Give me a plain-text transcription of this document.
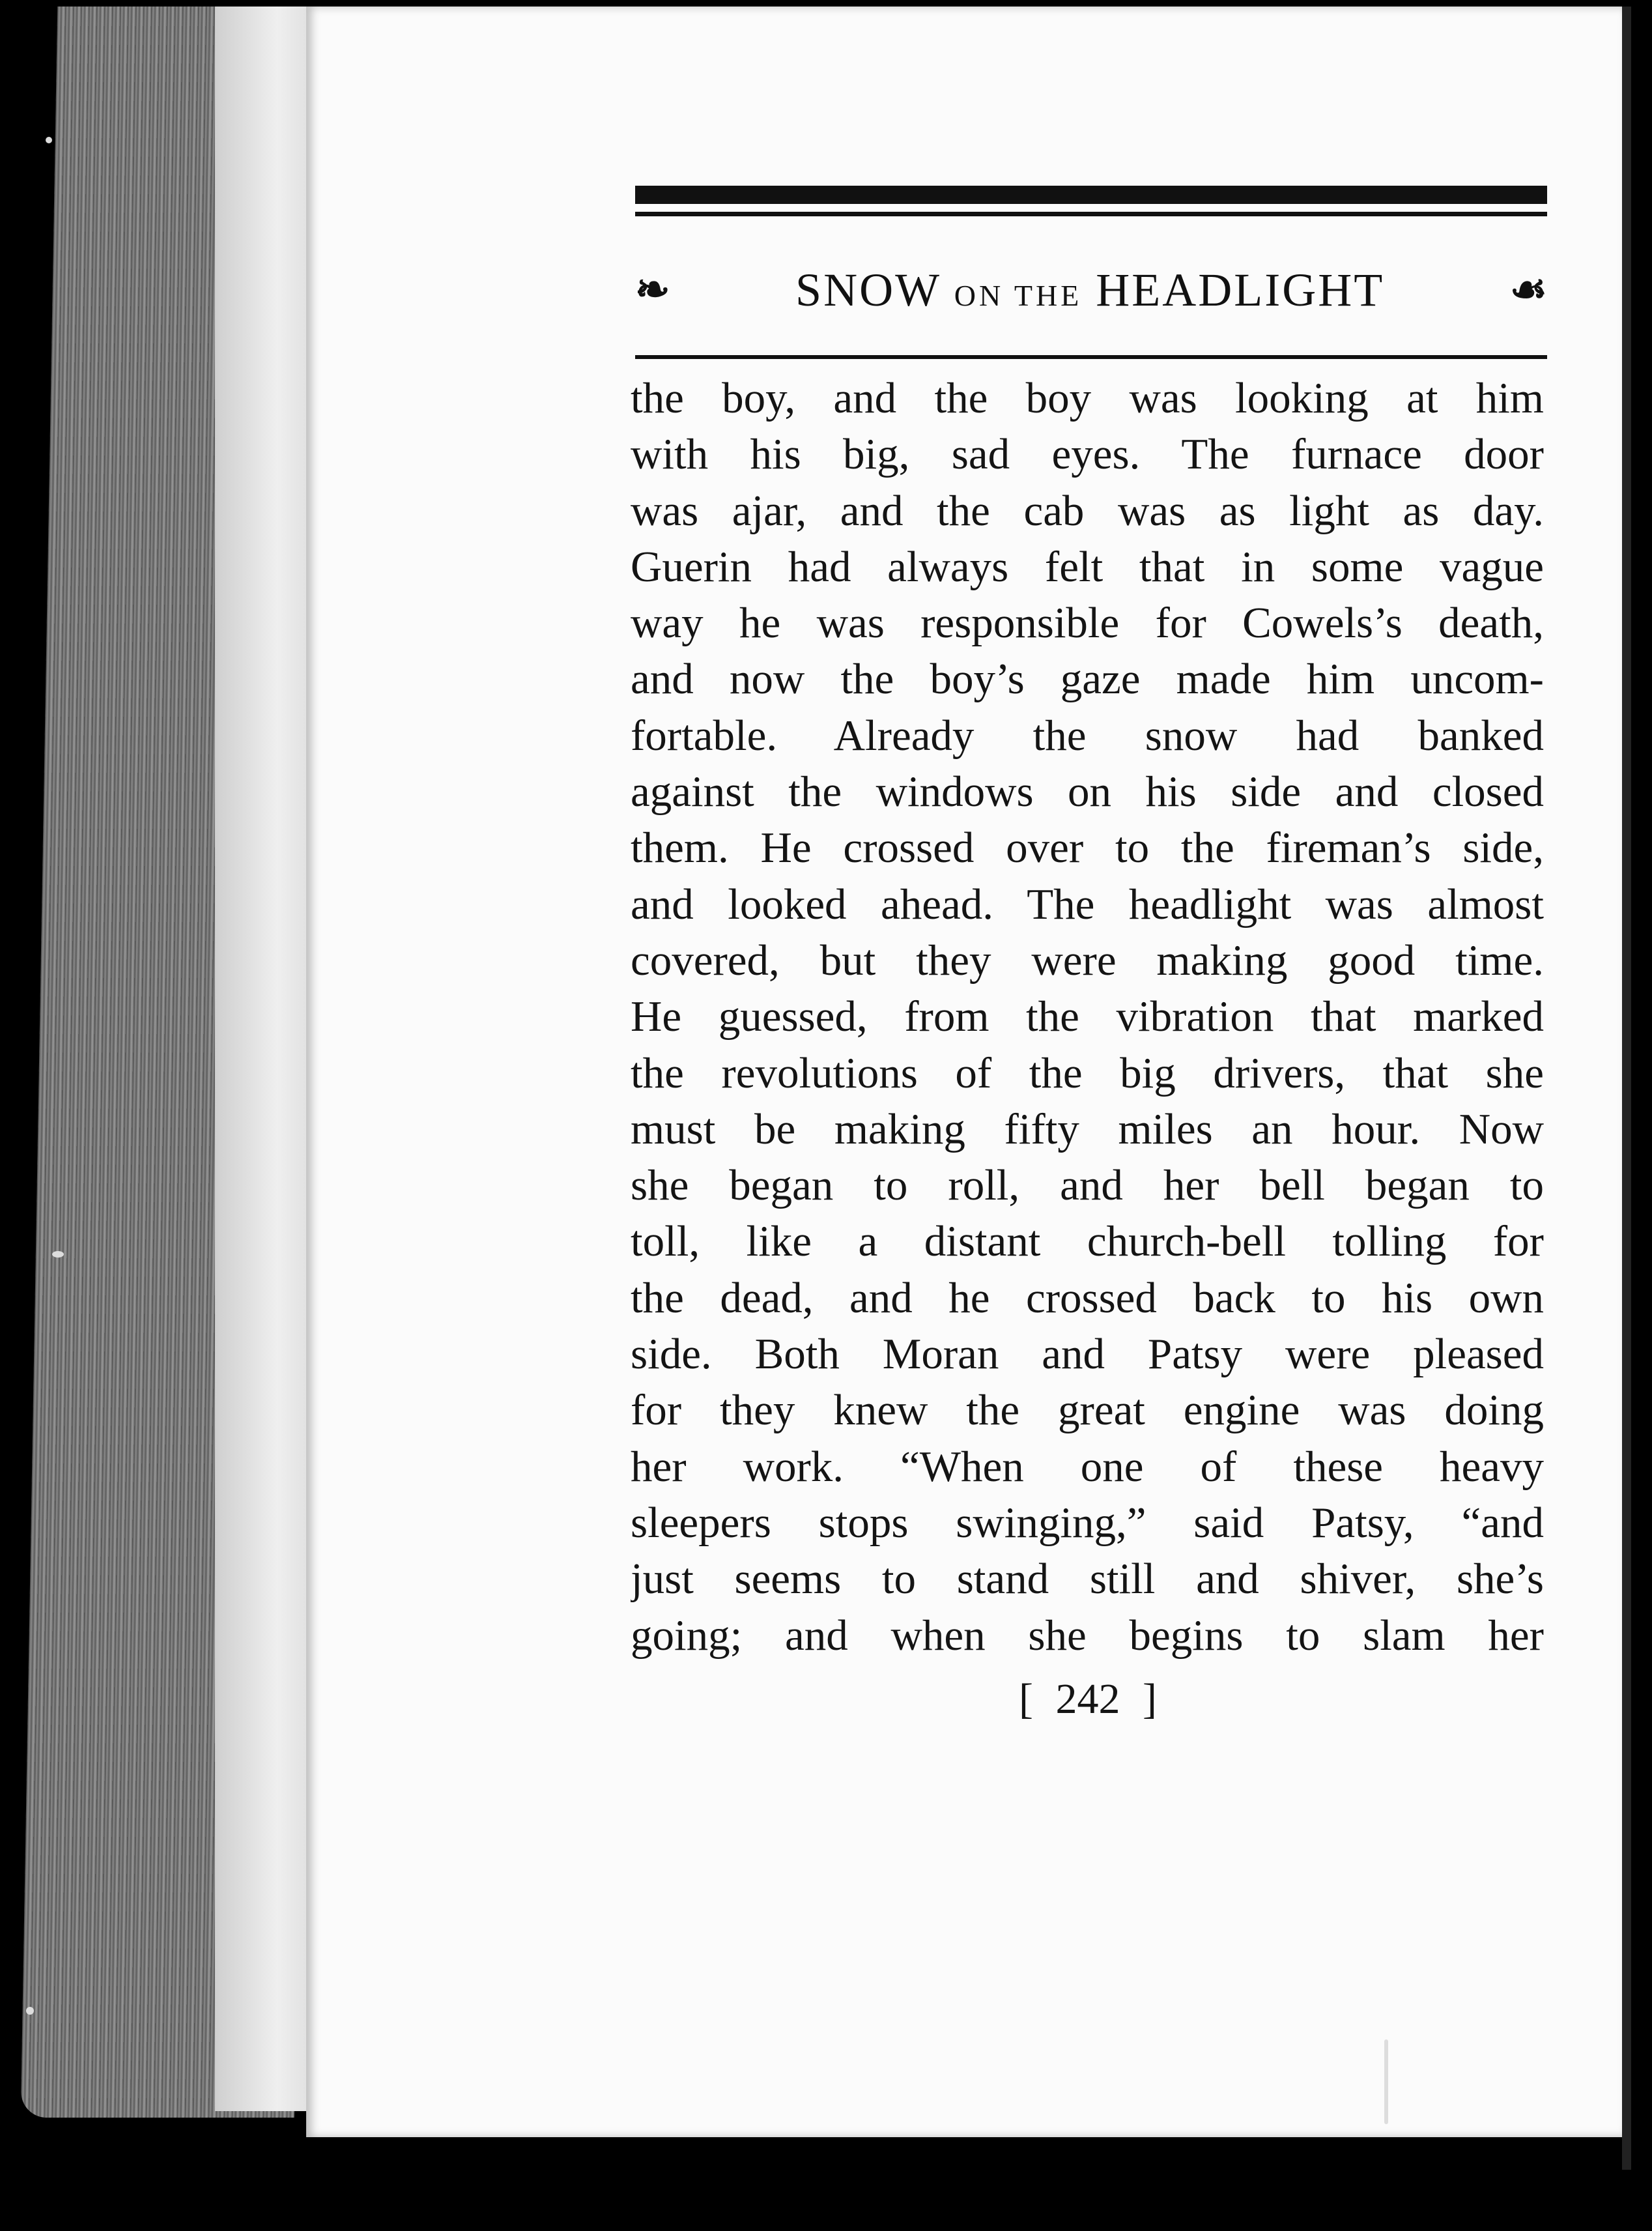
❧	SNOW ON THE HEADLIGHT	☙
the boy, and the boy was looking at him
with his big, sad eyes. The furnace door
was ajar, and the cab was as light as day.
Guerin had always felt that in some vague
way he was responsible for Cowels’s death,
and now the boy’s gaze made him uncom-
fortable. Already the snow had banked
against the windows on his side and closed
them. He crossed over to the fireman’s side,
and looked ahead. The headlight was almost
covered, but they were making good time.
He guessed, from the vibration that marked
the revolutions of the big drivers, that she
must be making fifty miles an hour. Now
she began to roll, and her bell began to
toll, like a distant church-bell tolling for
the dead, and he crossed back to his own
side. Both Moran and Patsy were pleased
for they knew the great engine was doing
her work. “When one of these heavy
sleepers stops swinging,” said Patsy, “and
just seems to stand still and shiver, she’s
going; and when she begins to slam her
[ 242 ]
